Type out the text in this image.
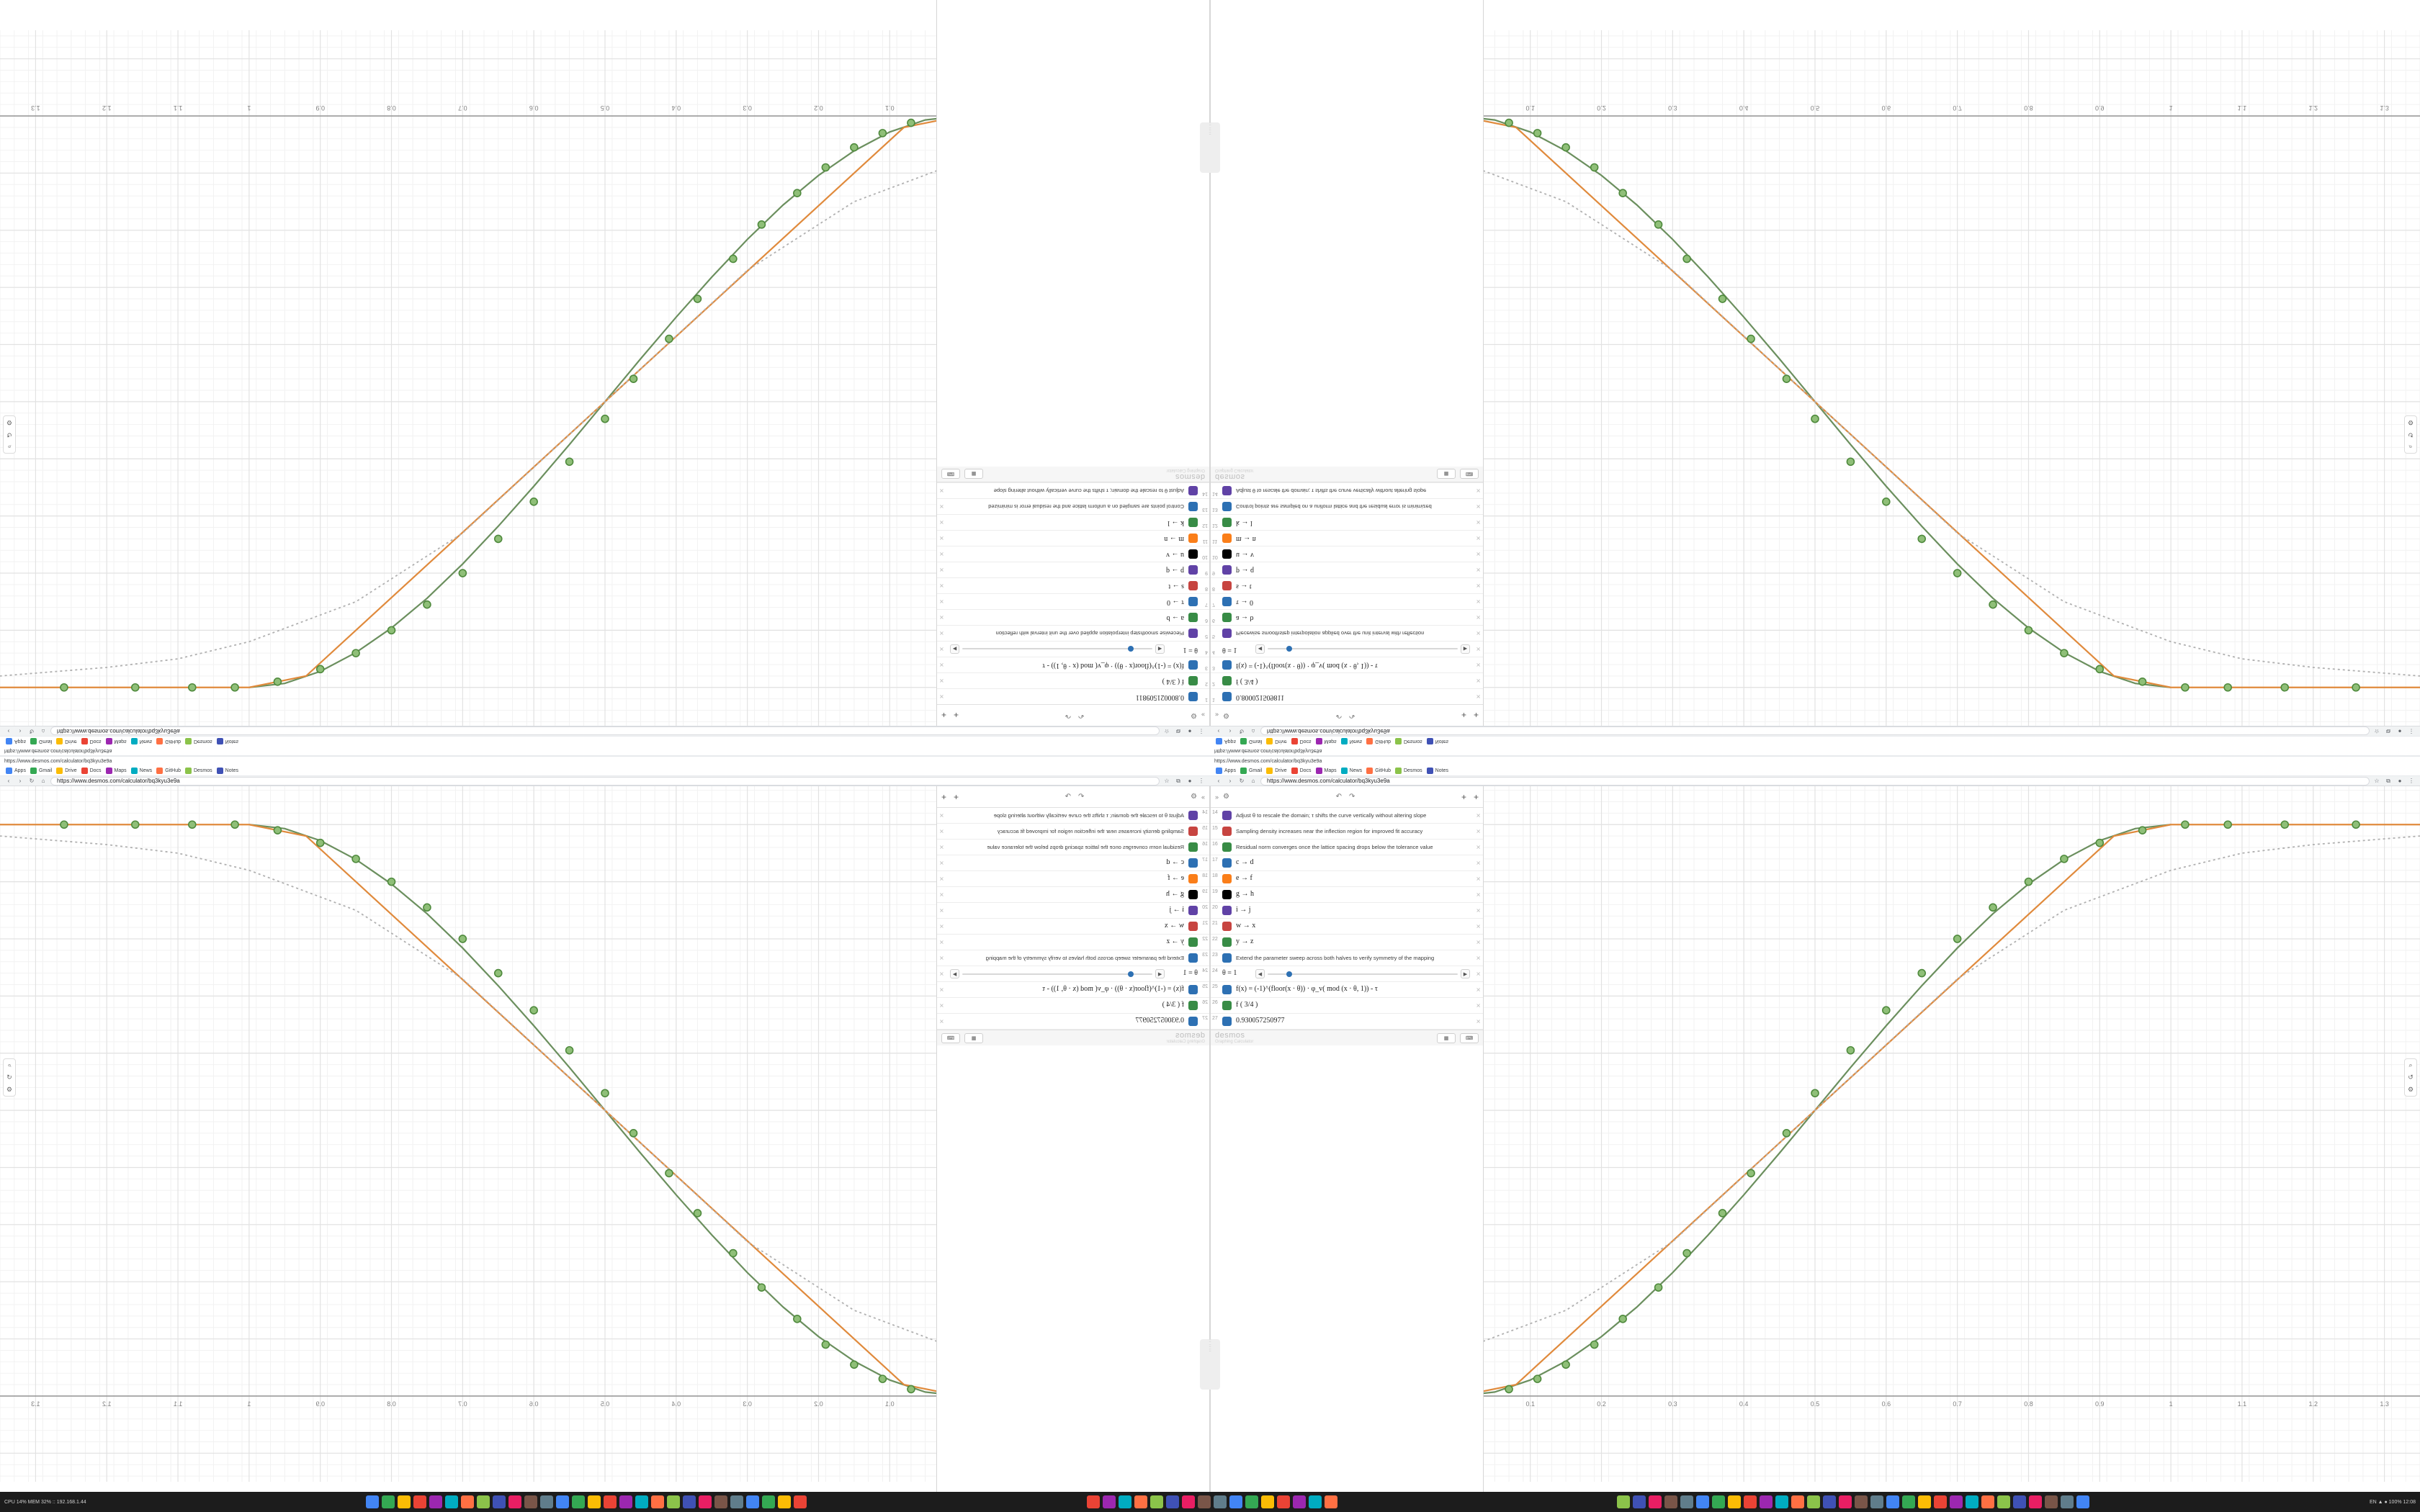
0.1
0.2
0.3
0.4
0.5
0.6
0.7
0.8
0.9
1
1.1
1.2
1.3
⌕
↺
⚙
0.1	0.2	0.3	0.4	0.5	0.6	0.7	0.8	0.9	1	1.1	1.2	1.3
⌕
↺
⚙
0.1
0.2
0.3
0.4
0.5
0.6
0.7
0.8
0.9
1
1.1
1.2
1.3
⌕
↺
⚙
0.1	0.2	0.3	0.4	0.5	0.6	0.7	0.8	0.9	1	1.1	1.2	1.3
⌕
↺
⚙
»
⚙
↶
↷
+
+
1
0.800021509811
✕
2
f ( 3/4 )
✕
3
f(x) = (-1)^(floor(x · θ)) · φ_v( mod (x · θ, 1)) - τ
✕
4
θ = 1
◀
▶
✕
5
Piecewise smoothstep interpolation applied over the unit interval with reflection
✕
6
a → b
✕
7
τ → 0
✕
8
s → t
✕
9
p → q
✕
10
u → v
✕
11
m → n
✕
12
k → l
✕
13
Control points are sampled on a uniform lattice and the residual error is minimized
✕
14
Adjust θ to rescale the domain; τ shifts the curve vertically without altering slope
✕
desmos
Graphing Calculator
▦
⌨
» ⚙	↶ ↷	+ +
1	0.800021509811	✕
2	f ( 3/4 )	✕
3	f(x) = (-1)^(floor(x · θ)) · φ_v( mod (x · θ, 1)) - τ	✕
4 θ = 1	◀	▶	✕
5	Piecewise smoothstep interpolation applied over the unit interval with reflection	✕
6	a → b	✕
7	τ → 0	✕
8	s → t	✕
9	p → q	✕
10	u → v	✕
11	m → n	✕
12	k → l	✕
13	Control points are sampled on a uniform lattice and the residual error is minimized	✕
14	Adjust θ to rescale the domain; τ shifts the curve vertically without altering slope	✕
desmos
Graphing Calculator
▦	⌨
»
⚙
↶
↷
+
+
14
Adjust θ to rescale the domain; τ shifts the curve vertically without altering slope
✕
15
Sampling density increases near the inflection region for improved fit accuracy
✕
16
Residual norm converges once the lattice spacing drops below the tolerance value
✕
17
c → d
✕
18
e → f
✕
19
g → h
✕
20
i → j
✕
21
w → x
✕
22
y → z
✕
23
Extend the parameter sweep across both halves to verify symmetry of the mapping
✕
24
θ = 1
◀
▶
✕
25
f(x) = (-1)^(floor(x · θ)) · φ_v( mod (x · θ, 1)) - τ
✕
26
f ( 3/4 )
✕
27
0.930057250977
✕
desmos
Graphing Calculator
▦
⌨
» ⚙	↶ ↷	+ +
14	Adjust θ to rescale the domain; τ shifts the curve vertically without altering slope	✕
15	Sampling density increases near the inflection region for improved fit accuracy	✕
16	Residual norm converges once the lattice spacing drops below the tolerance value	✕
17	c → d	✕
18	e → f	✕
19	g → h	✕
20	i → j	✕
21	w → x	✕
22	y → z	✕
23	Extend the parameter sweep across both halves to verify symmetry of the mapping	✕
24 θ = 1	◀	▶	✕
25	f(x) = (-1)^(floor(x · θ)) · φ_v( mod (x · θ, 1)) - τ	✕
26	f ( 3/4 )	✕
27	0.930057250977	✕
desmos
Graphing Calculator
▦	⌨
::
::
::
::
::
::
https://www.desmos.com/calculator/bq3kyu3e9a
Apps	Gmail	Drive	Docs	Maps	News	GitHub	Desmos	Notes
‹	›	↻	⌂	https://www.desmos.com/calculator/bq3kyu3e9a	☆	⧉	●	⋮
https://www.desmos.com/calculator/bq3kyu3e9a
Apps	Gmail	Drive	Docs	Maps	News	GitHub	Desmos	Notes
‹	›	↻	⌂	https://www.desmos.com/calculator/bq3kyu3e9a	☆	⧉	●	⋮
desmos	desmos
https://www.desmos.com/calculator/bq3kyu3e9a
Apps	Gmail	Drive	Docs	Maps	News	GitHub	Desmos	Notes
‹	›	↻	⌂	https://www.desmos.com/calculator/bq3kyu3e9a	☆	⧉	●	⋮
https://www.desmos.com/calculator/bq3kyu3e9a
Apps	Gmail	Drive	Docs	Maps	News	GitHub	Desmos	Notes
‹	›	↻	⌂	https://www.desmos.com/calculator/bq3kyu3e9a	☆	⧉	●	⋮
desmos	desmos
CPU 14% MEM 32% :: 192.168.1.44	EN ▲ ● 100% 12:08
